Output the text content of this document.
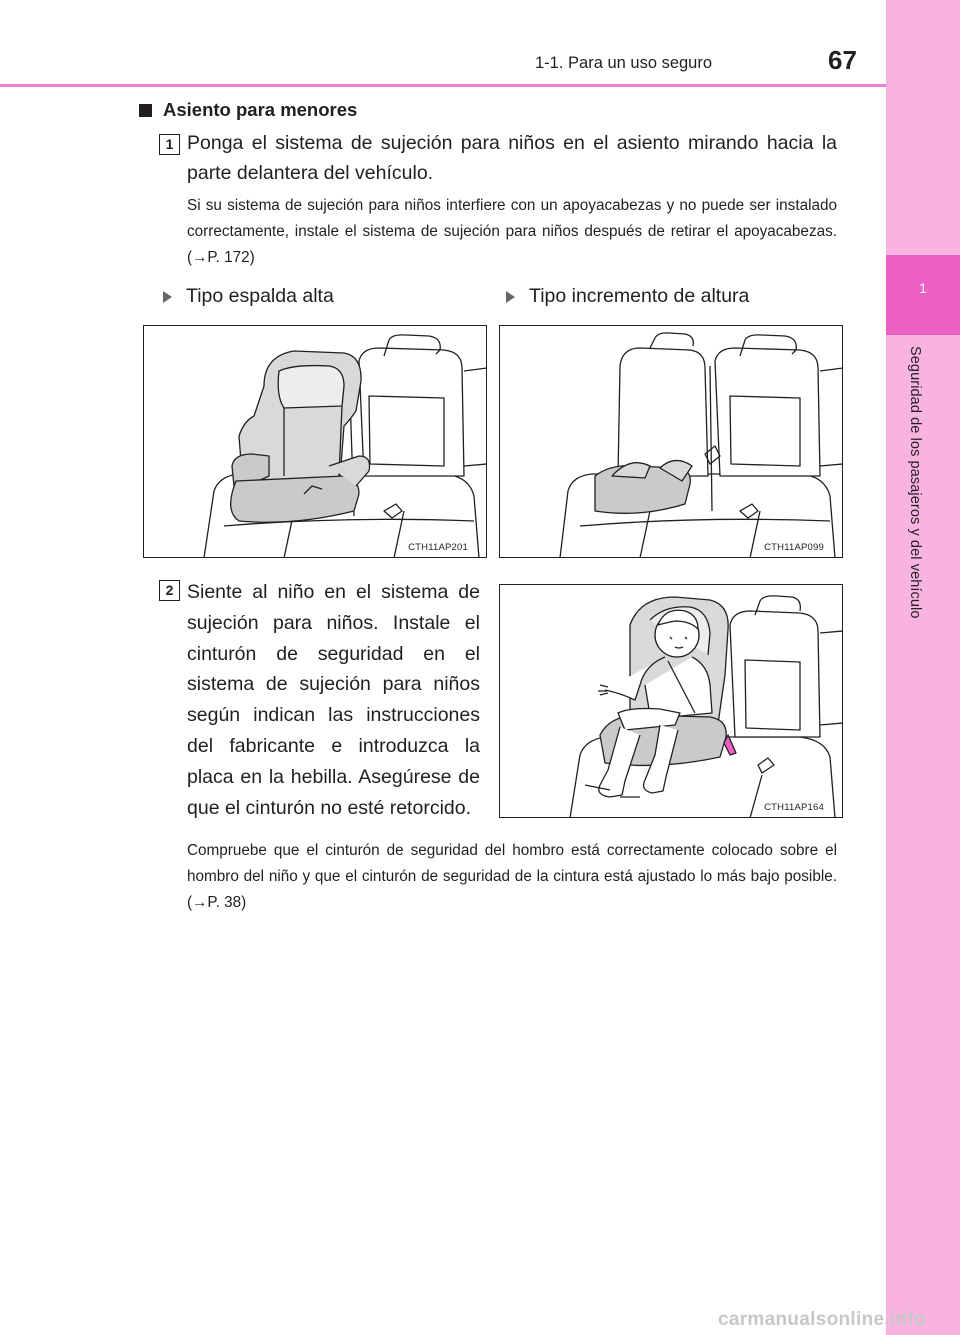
1
Seguridad de los pasajeros y del vehículo
1-1. Para un uso seguro	67
Asiento para menores
1 Ponga el sistema de sujeción para niños en el asiento mirando hacia la parte delantera del vehículo.
Si su sistema de sujeción para niños interfiere con un apoyacabezas y no puede ser instalado correctamente, instale el sistema de sujeción para niños después de retirar el apoyacabezas. (→P. 172)
Tipo espalda alta	Tipo incremento de altura
CTH11AP201	CTH11AP099
2 Siente al niño en el sistema de sujeción para niños. Instale el cinturón de seguridad en el sistema de sujeción para niños según indican las instrucciones del fabricante e introduzca la placa en la hebilla. Asegúrese de que el cinturón no esté retorcido.	CTH11AP164
Compruebe que el cinturón de seguridad del hombro está correctamente colocado sobre el hombro del niño y que el cinturón de seguridad de la cintura está ajustado lo más bajo posible. (→P. 38)
carmanualsonline.info
